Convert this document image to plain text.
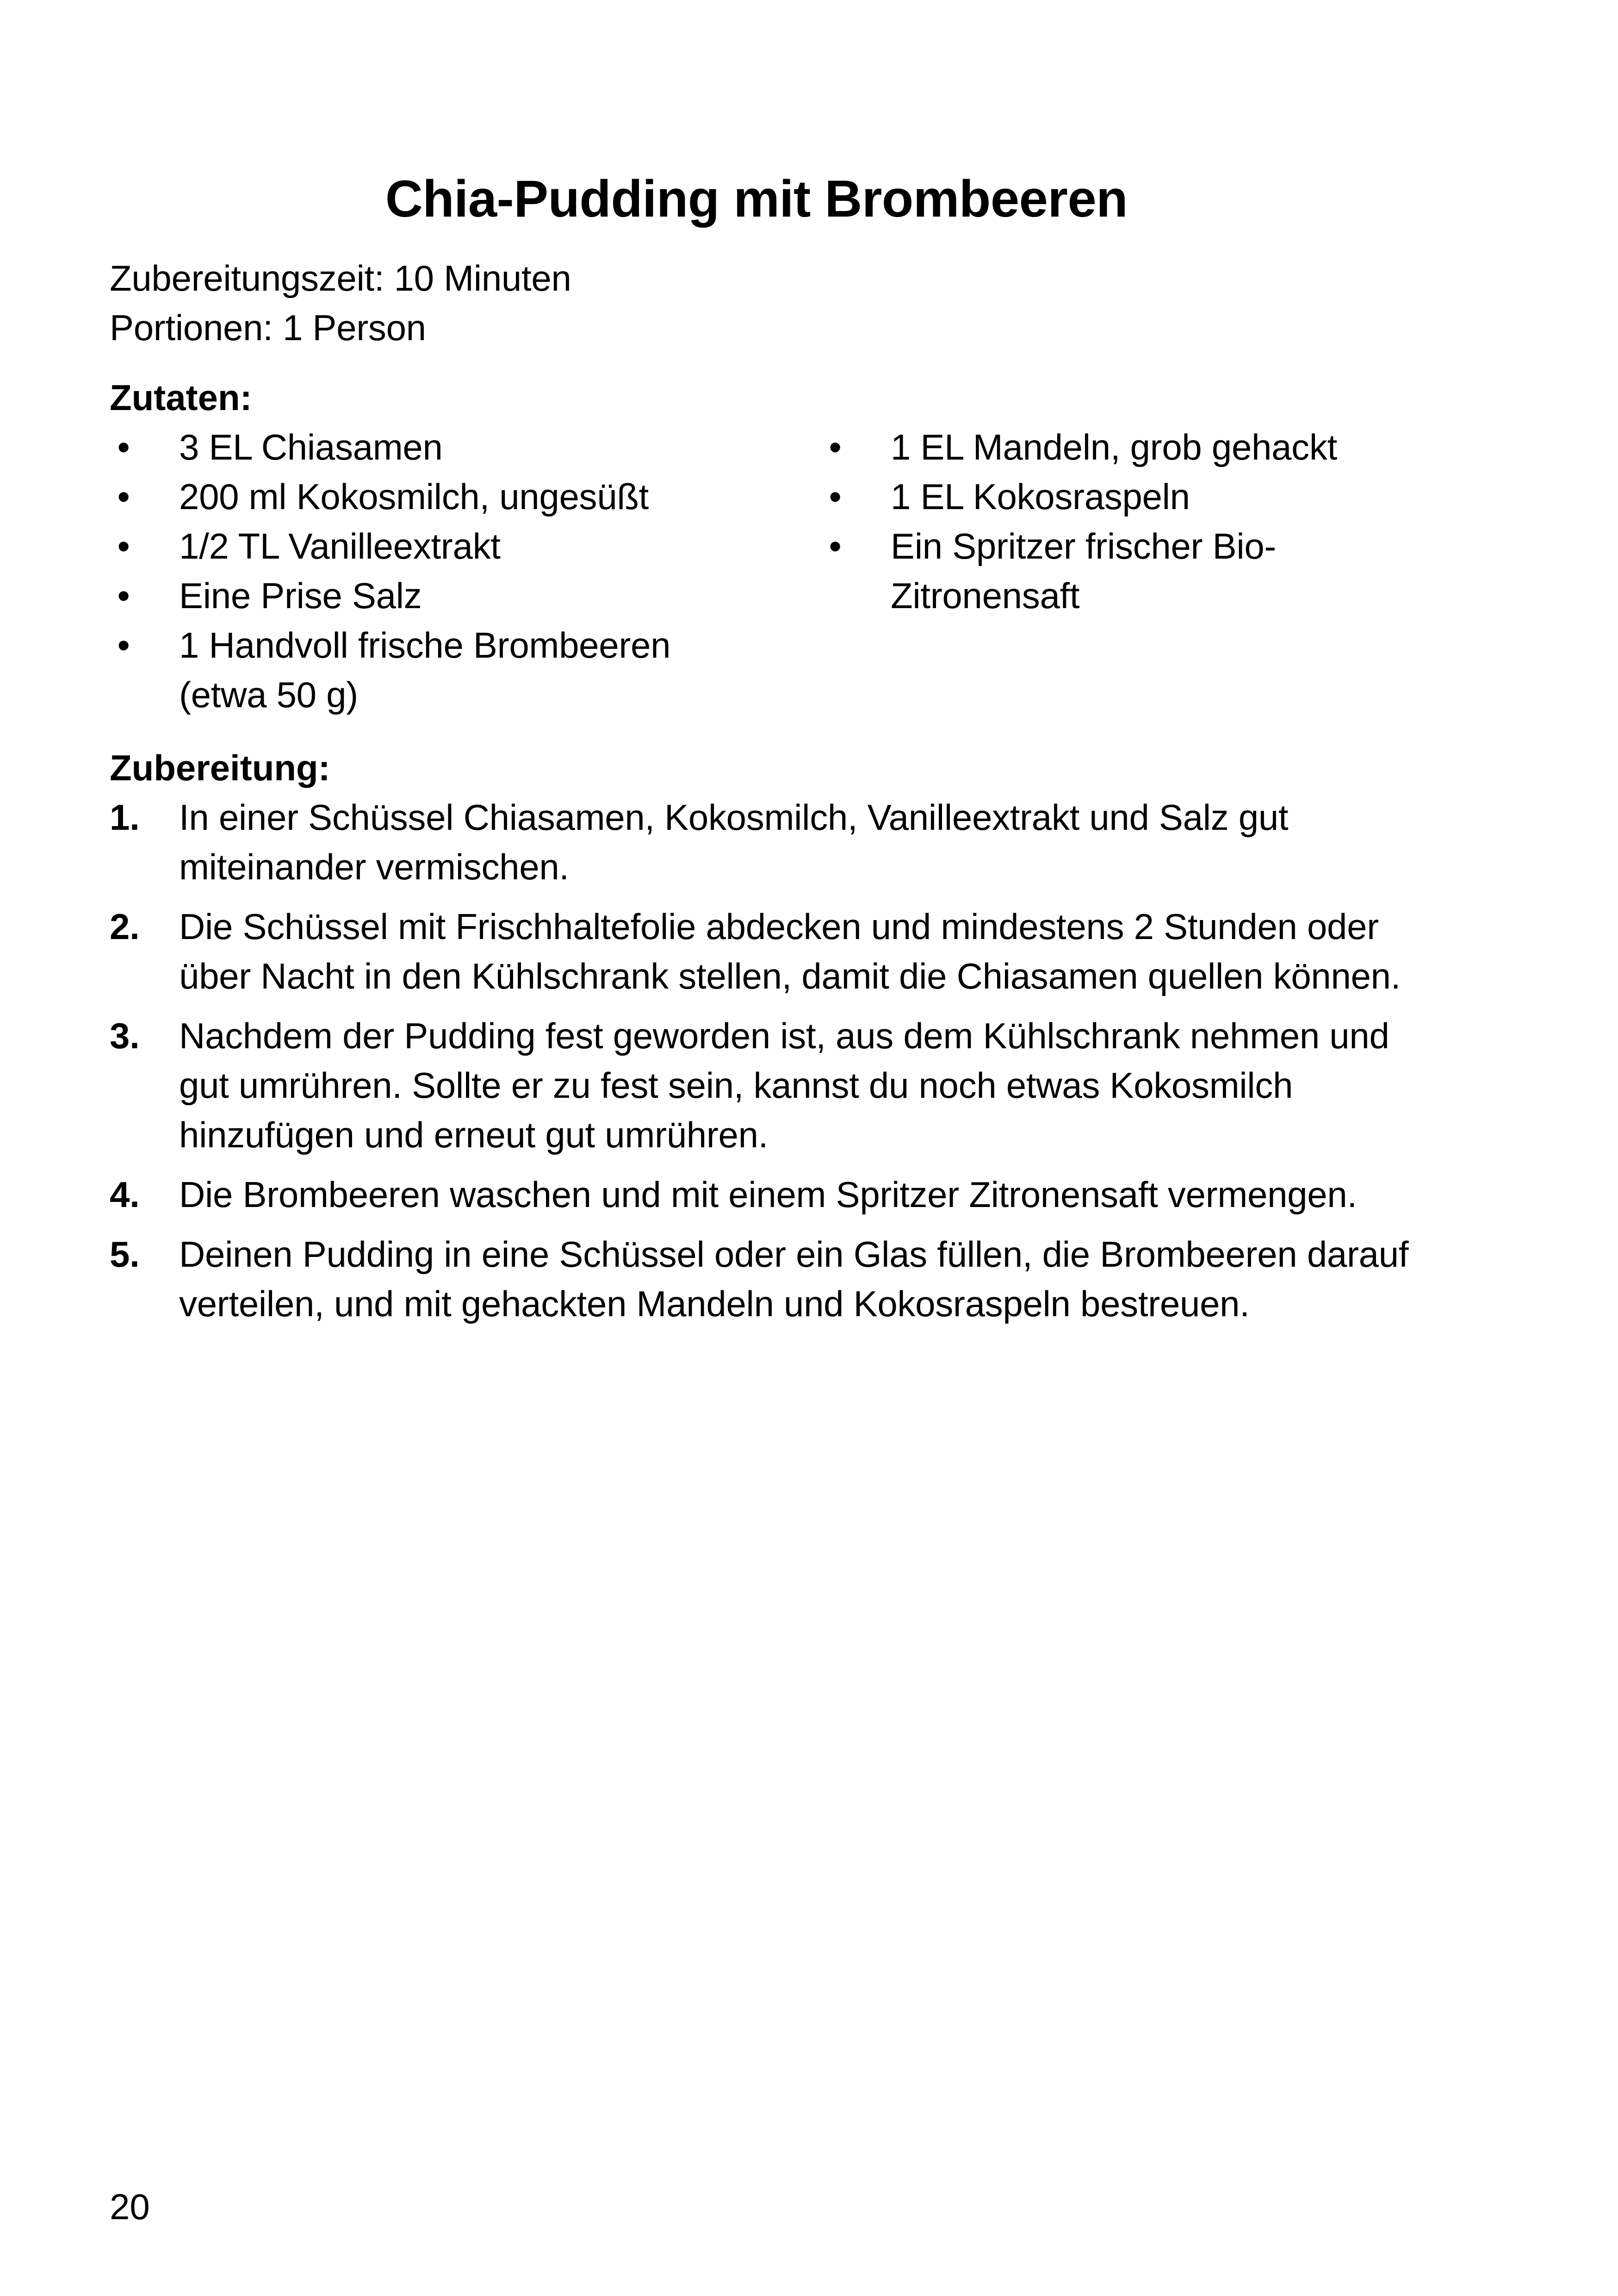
Chia-Pudding mit Brombeeren
Zubereitungszeit: 10 Minuten
Portionen: 1 Person
Zutaten:
• 3 EL Chiasamen
• 200 ml Kokosmilch, ungesüßt
• 1/2 TL Vanilleextrakt
• Eine Prise Salz
• 1 Handvoll frische Brombeeren (etwa 50 g)
• 1 EL Mandeln, grob gehackt
• 1 EL Kokosraspeln
• Ein Spritzer frischer Bio-Zitronensaft
Zubereitung:
1. In einer Schüssel Chiasamen, Kokosmilch, Vanilleextrakt und Salz gut miteinander vermischen.
2. Die Schüssel mit Frischhaltefolie abdecken und mindestens 2 Stunden oder über Nacht in den Kühlschrank stellen, damit die Chiasamen quellen können.
3. Nachdem der Pudding fest geworden ist, aus dem Kühlschrank nehmen und gut umrühren. Sollte er zu fest sein, kannst du noch etwas Kokosmilch hinzufügen und erneut gut umrühren.
4. Die Brombeeren waschen und mit einem Spritzer Zitronensaft vermengen.
5. Deinen Pudding in eine Schüssel oder ein Glas füllen, die Brombeeren darauf verteilen, und mit gehackten Mandeln und Kokosraspeln bestreuen.
20
